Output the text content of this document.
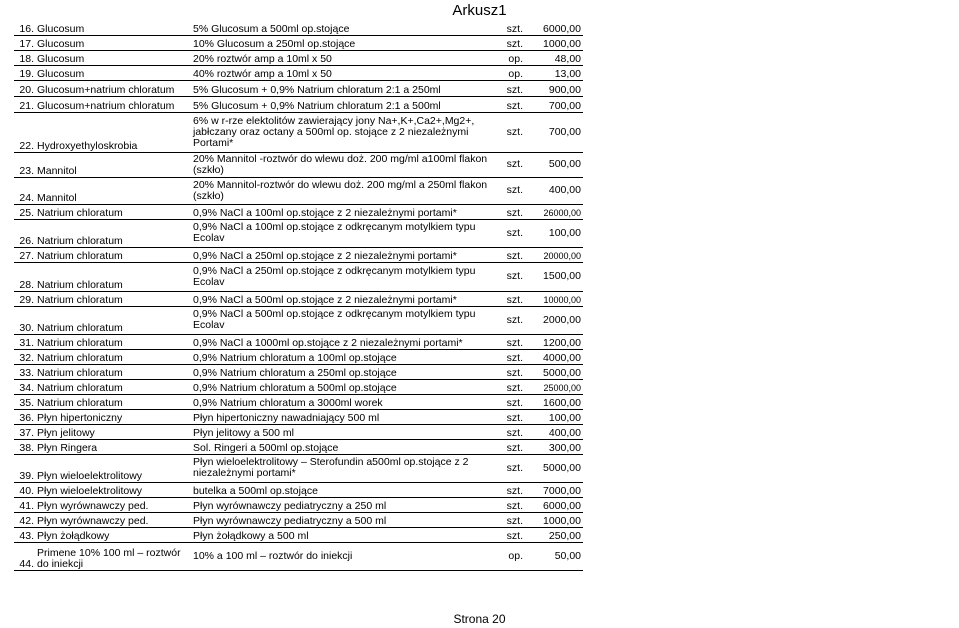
Arkusz1
16.	Glucosum	5% Glucosum a 500ml op.stojące	szt.	6000,00
17.	Glucosum	10% Glucosum a 250ml op.stojące	szt.	1000,00
18.	Glucosum	20% roztwór amp a 10ml x 50	op.	48,00
19.	Glucosum	40% roztwór amp a 10ml x 50	op.	13,00
20.	Glucosum+natrium chloratum	5% Glucosum + 0,9% Natrium chloratum 2:1 a 250ml	szt.	900,00
21.	Glucosum+natrium chloratum	5% Glucosum + 0,9% Natrium chloratum 2:1 a 500ml	szt.	700,00
22.	Hydroxyethyloskrobia	6% w r-rze elektolitów zawierający jony Na+,K+,Ca2+,Mg2+, jabłczany oraz octany a 500ml op. stojące z 2 niezależnymi Portami*	szt.	700,00
23.	Mannitol	20% Mannitol -roztwór do wlewu doż. 200 mg/ml a100ml flakon (szkło)	szt.	500,00
24.	Mannitol	20% Mannitol-roztwór do wlewu doż. 200 mg/ml a 250ml flakon (szkło)	szt.	400,00
25.	Natrium chloratum	0,9% NaCl a 100ml op.stojące z 2 niezależnymi portami*	szt.	26000,00
26.	Natrium chloratum	0,9% NaCl a 100ml op.stojące z odkręcanym motylkiem typu Ecolav	szt.	100,00
27.	Natrium chloratum	0,9% NaCl a 250ml op.stojące z 2 niezależnymi portami*	szt.	20000,00
28.	Natrium chloratum	0,9% NaCl a 250ml op.stojące z odkręcanym motylkiem typu Ecolav	szt.	1500,00
29.	Natrium chloratum	0,9% NaCl a 500ml op.stojące z 2 niezależnymi portami*	szt.	10000,00
30.	Natrium chloratum	0,9% NaCl a 500ml op.stojące z odkręcanym motylkiem typu Ecolav	szt.	2000,00
31.	Natrium chloratum	0,9% NaCl a 1000ml op.stojące z 2 niezależnymi portami*	szt.	1200,00
32.	Natrium chloratum	0,9% Natrium chloratum a 100ml op.stojące	szt.	4000,00
33.	Natrium chloratum	0,9% Natrium chloratum a 250ml op.stojące	szt.	5000,00
34.	Natrium chloratum	0,9% Natrium chloratum a 500ml op.stojące	szt.	25000,00
35.	Natrium chloratum	0,9% Natrium chloratum a 3000ml worek	szt.	1600,00
36.	Płyn hipertoniczny	Płyn hipertoniczny nawadniający 500 ml	szt.	100,00
37.	Płyn jelitowy	Płyn jelitowy a 500 ml	szt.	400,00
38.	Płyn Ringera	Sol. Ringeri a 500ml op.stojące	szt.	300,00
39.	Płyn wieloelektrolitowy	Płyn wieloelektrolitowy – Sterofundin a500ml op.stojące z 2 niezależnymi portami*	szt.	5000,00
40.	Płyn wieloelektrolitowy	butelka a 500ml op.stojące	szt.	7000,00
41.	Płyn wyrównawczy ped.	Płyn wyrównawczy pediatryczny a 250 ml	szt.	6000,00
42.	Płyn wyrównawczy ped.	Płyn wyrównawczy pediatryczny a 500 ml	szt.	1000,00
43.	Płyn żołądkowy	Płyn żołądkowy a 500 ml	szt.	250,00
44.	Primene 10% 100 ml – roztwór do iniekcji	10% a 100 ml – roztwór do iniekcji	op.	50,00
Strona 20
